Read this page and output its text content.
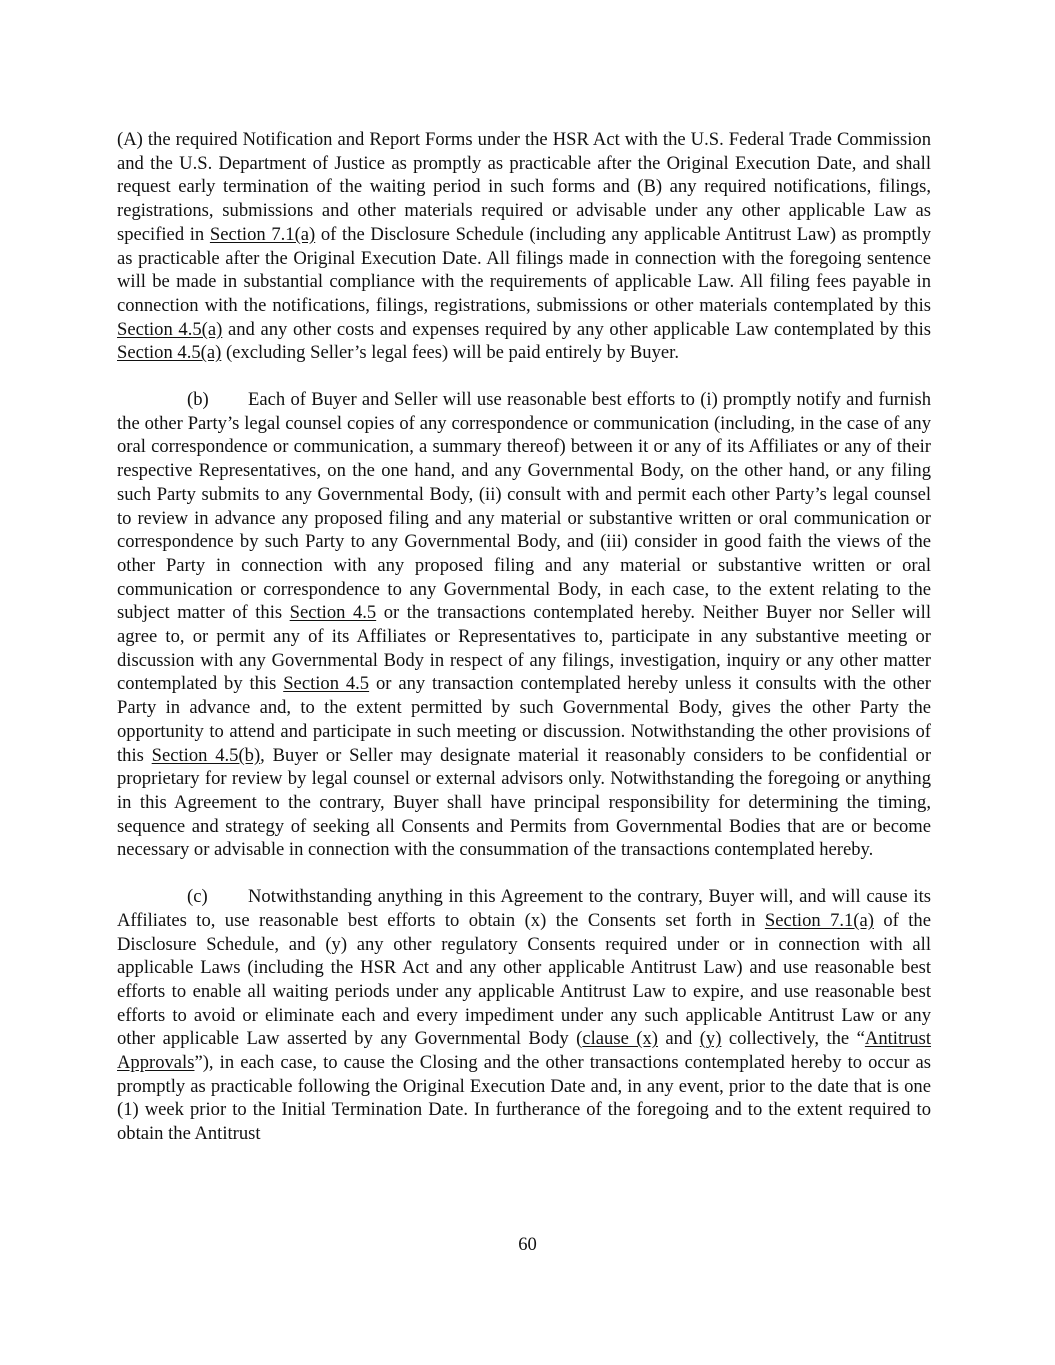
(A) the required Notification and Report Forms under the HSR Act with the U.S. Federal Trade Commission and the U.S. Department of Justice as promptly as practicable after the Original Execution Date, and shall request early termination of the waiting period in such forms and (B) any required notifications, filings, registrations, submissions and other materials required or advisable under any other applicable Law as specified in Section 7.1(a) of the Disclosure Schedule (including any applicable Antitrust Law) as promptly as practicable after the Original Execution Date. All filings made in connection with the foregoing sentence will be made in substantial compliance with the requirements of applicable Law. All filing fees payable in connection with the notifications, filings, registrations, submissions or other materials contemplated by this Section 4.5(a) and any other costs and expenses required by any other applicable Law contemplated by this Section 4.5(a) (excluding Seller’s legal fees) will be paid entirely by Buyer.

(b) Each of Buyer and Seller will use reasonable best efforts to (i) promptly notify and furnish the other Party’s legal counsel copies of any correspondence or communication (including, in the case of any oral correspondence or communication, a summary thereof) between it or any of its Affiliates or any of their respective Representatives, on the one hand, and any Governmental Body, on the other hand, or any filing such Party submits to any Governmental Body, (ii) consult with and permit each other Party’s legal counsel to review in advance any proposed filing and any material or substantive written or oral communication or correspondence by such Party to any Governmental Body, and (iii) consider in good faith the views of the other Party in connection with any proposed filing and any material or substantive written or oral communication or correspondence to any Governmental Body, in each case, to the extent relating to the subject matter of this Section 4.5 or the transactions contemplated hereby. Neither Buyer nor Seller will agree to, or permit any of its Affiliates or Representatives to, participate in any substantive meeting or discussion with any Governmental Body in respect of any filings, investigation, inquiry or any other matter contemplated by this Section 4.5 or any transaction contemplated hereby unless it consults with the other Party in advance and, to the extent permitted by such Governmental Body, gives the other Party the opportunity to attend and participate in such meeting or discussion. Notwithstanding the other provisions of this Section 4.5(b), Buyer or Seller may designate material it reasonably considers to be confidential or proprietary for review by legal counsel or external advisors only. Notwithstanding the foregoing or anything in this Agreement to the contrary, Buyer shall have principal responsibility for determining the timing, sequence and strategy of seeking all Consents and Permits from Governmental Bodies that are or become necessary or advisable in connection with the consummation of the transactions contemplated hereby.

(c) Notwithstanding anything in this Agreement to the contrary, Buyer will, and will cause its Affiliates to, use reasonable best efforts to obtain (x) the Consents set forth in Section 7.1(a) of the Disclosure Schedule, and (y) any other regulatory Consents required under or in connection with all applicable Laws (including the HSR Act and any other applicable Antitrust Law) and use reasonable best efforts to enable all waiting periods under any applicable Antitrust Law to expire, and use reasonable best efforts to avoid or eliminate each and every impediment under any such applicable Antitrust Law or any other applicable Law asserted by any Governmental Body (clause (x) and (y) collectively, the “Antitrust Approvals”), in each case, to cause the Closing and the other transactions contemplated hereby to occur as promptly as practicable following the Original Execution Date and, in any event, prior to the date that is one (1) week prior to the Initial Termination Date. In furtherance of the foregoing and to the extent required to obtain the Antitrust

60
